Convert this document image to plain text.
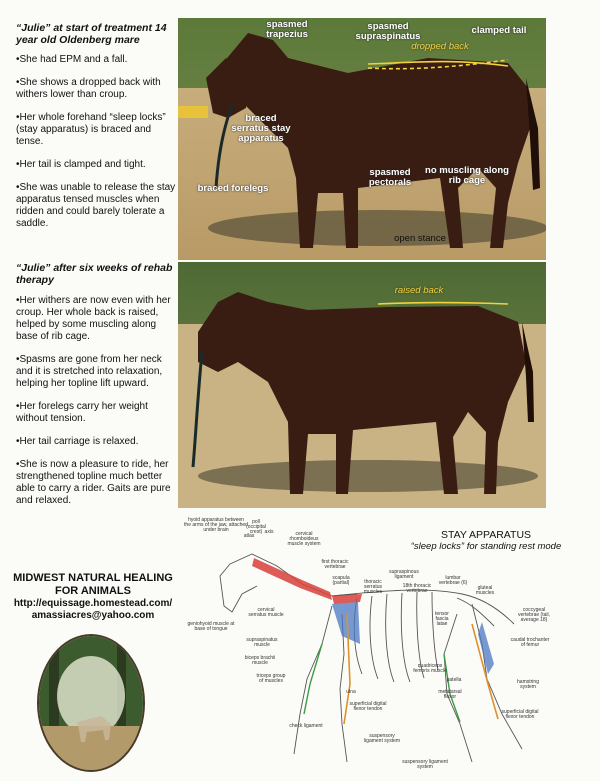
“Julie” at start of treatment 14 year old Oldenberg mare

•She had EPM and a fall.

•She shows a dropped back with withers lower than croup.

•Her whole forehand “sleep locks” (stay apparatus) is braced and tense.

•Her tail is clamped and tight.

•She was unable to release the stay apparatus tensed muscles when ridden and could barely tolerate a saddle.

“Julie” after six weeks of rehab therapy

•Her withers are now even with her croup. Her whole back is raised, helped by some muscling along base of rib cage.

•Spasms are gone from her neck and it is stretched into relaxation, helping her topline lift upward.

•Her forelegs carry her weight without tension.

•Her tail carriage is relaxed.

•She is now a pleasure to ride, her strengthened topline much better able to carry a rider. Gaits are pure and relaxed.

spasmed trapezius
spasmed supraspinatus
clamped tail
dropped back
braced serratus stay apparatus
spasmed pectorals
no muscling along rib cage
braced forelegs
open stance
raised back
MIDWEST NATURAL HEALING
FOR ANIMALS
http://equissage.homestead.com/
amassiacres@yahoo.com
STAY APPARATUS
“sleep locks” for standing rest mode
hyoid apparatus between the arms of the jaw, attached under brain
poll (occipital crest)
atlas
axis	cervical rhomboideus muscle system
first thoracic vertebrae
scapula (partial)	thoracic serratus muscles
supraspinous ligament
18th thoracic vertebrae
lumbar vertebrae (6)
gluteal muscles
cervical serratus muscle
geniohyoid muscle at base of tongue
supraspinatus muscle
biceps brachii muscle
triceps group of muscles
ulna
superficial digital flexor tendon
check ligament
suspensory ligament system
coccygeal vertebrae (tail, average 18)
tensor fascia latae
quadriceps femoris muscle
patella
metatarsal flexor
caudal trochanter of femur
hamstring system
superficial digital flexor tendon
suspensory ligament system
